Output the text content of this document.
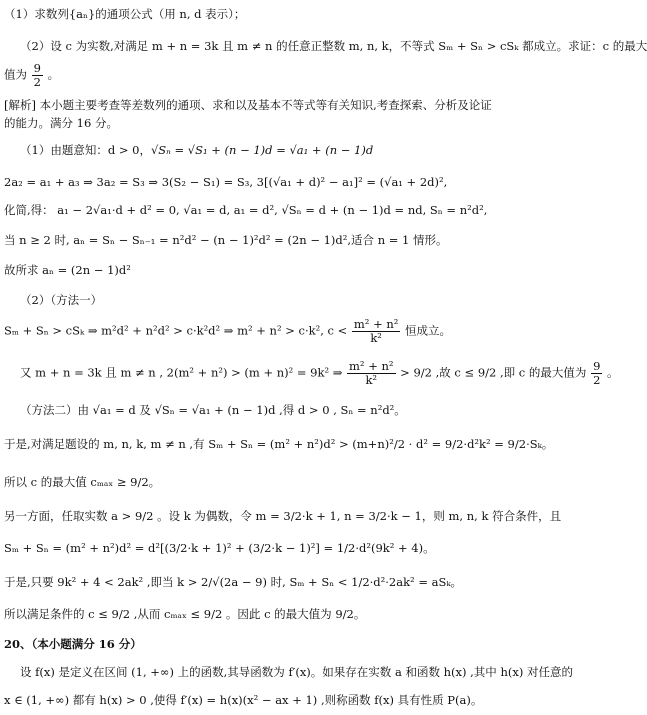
（1）求数列{aₙ}的通项公式（用 n, d 表示）；
（2）设 c 为实数,对满足 m + n = 3k 且 m ≠ n 的任意正整数 m, n, k，不等式 Sₘ + Sₙ > cSₖ 都成立。求证：c 的最大
值为 $\frac{9}{2}$ 。
[解析] 本小题主要考查等差数列的通项、求和以及基本不等式等有关知识,考查探索、分析及论证的能力。满分 16 分。
（1）由题意知：d > 0，√Sₙ = √S₁ + (n − 1)d = √a₁ + (n − 1)d
2a₂ = a₁ + a₃ ⇒ 3a₂ = S₃ ⇒ 3(S₂ − S₁) = S₃, 3[(√a₁ + d)² − a₁]² = (√a₁ + 2d)²,
化简,得： a₁ − 2√a₁·d + d² = 0, √a₁ = d, a₁ = d², √Sₙ = d + (n − 1)d = nd, Sₙ = n²d²,
当 n ≥ 2 时, aₙ = Sₙ − Sₙ₋₁ = n²d² − (n − 1)²d² = (2n − 1)d²,适合 n = 1 情形。
故所求 aₙ = (2n − 1)d²
（2）（方法一）
Sₘ + Sₙ > cSₖ ⇒ m²d² + n²d² > c·k²d² ⇒ m² + n² > c·k², $c < \frac{\text{m² + n²}}{\text{k²}}$ 恒成立。
又 m + n = 3k 且 m ≠ n , 2(m² + n²) > (m + n)² = 9k² ⇒ $\frac{\text{m² + n²}}{\text{k²}} > 9/2$ ,故 c ≤ 9/2 ,即 c 的最大值为 $\frac{9}{2}$ 。
（方法二）由 √a₁ = d 及 √Sₙ = √a₁ + (n − 1)d ,得 d > 0 , Sₙ = n²d²。
于是,对满足题设的 m, n, k, m ≠ n ,有 Sₘ + Sₙ = (m² + n²)d² > (m+n)²/2 · d² = 9/2·d²k² = 9/2·Sₖ。
所以 c 的最大值 cₘₐₓ ≥ 9/2。
另一方面，任取实数 a > 9/2 。设 k 为偶数，令 m = 3/2·k + 1, n = 3/2·k − 1，则 m, n, k 符合条件，且
Sₘ + Sₙ = (m² + n²)d² = d²[(3/2·k + 1)² + (3/2·k − 1)²] = 1/2·d²(9k² + 4)。
于是,只要 9k² + 4 < 2ak² ,即当 k > 2/√(2a − 9) 时, Sₘ + Sₙ < 1/2·d²·2ak² = aSₖ。
所以满足条件的 c ≤ 9/2 ,从而 cₘₐₓ ≤ 9/2 。因此 c 的最大值为 9/2。
20、（本小题满分 16 分）
设 f(x) 是定义在区间 (1, +∞) 上的函数,其导函数为 f′(x)。如果存在实数 a 和函数 h(x) ,其中 h(x) 对任意的
x ∈ (1, +∞) 都有 h(x) > 0 ,使得 f′(x) = h(x)(x² − ax + 1) ,则称函数 f(x) 具有性质 P(a)。
